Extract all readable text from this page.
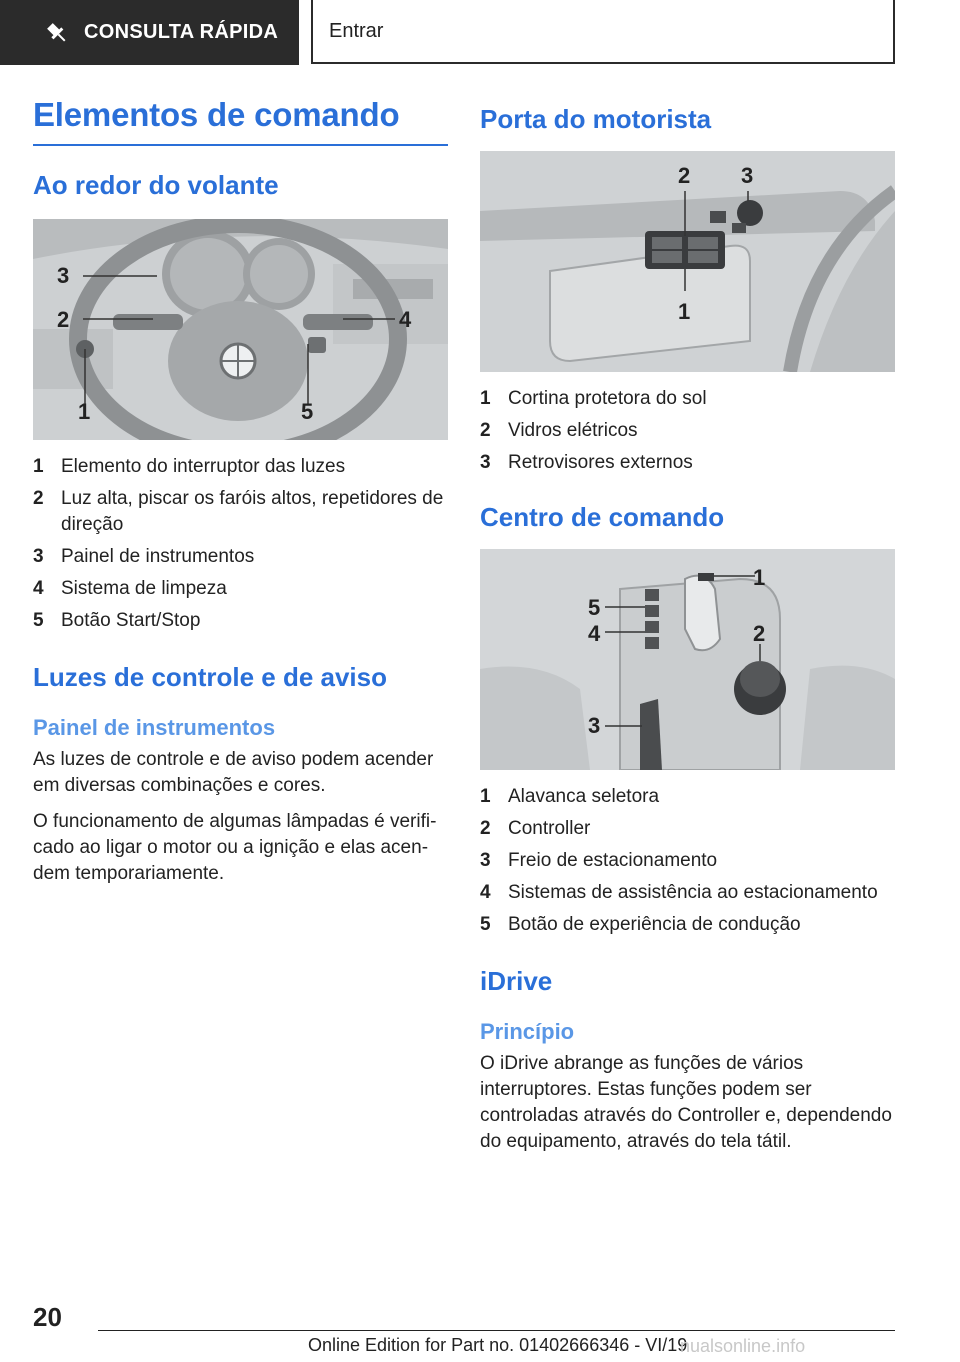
CONSULTA RÁPIDA	Entrar
Elementos de comando
Ao redor do volante
3
2	4
1	5
1 Elemento do interruptor das luzes
2 Luz alta, piscar os faróis altos, repetidores de direção
3 Painel de instrumentos
4 Sistema de limpeza
5 Botão Start/Stop
Luzes de controle e de aviso
Painel de instrumentos

As luzes de controle e de aviso podem acender em diversas combinações e cores.

O funcionamento de algumas lâmpadas é verificado ao ligar o motor ou a ignição e elas acendem temporariamente.

Porta do motorista
2 3
1
1 Cortina protetora do sol
2 Vidros elétricos
3 Retrovisores externos
Centro de comando
1
5
4	2
3
1 Alavanca seletora
2 Controller
3 Freio de estacionamento
4 Sistemas de assistência ao estacionamento
5 Botão de experiência de condução
iDrive
Princípio

O iDrive abrange as funções de vários interruptores. Estas funções podem ser controladas através do Controller e, dependendo do equipamento, através do tela tátil.

20
Online Edition for Part no. 01402666346 - VI/19
nualsonline.info
